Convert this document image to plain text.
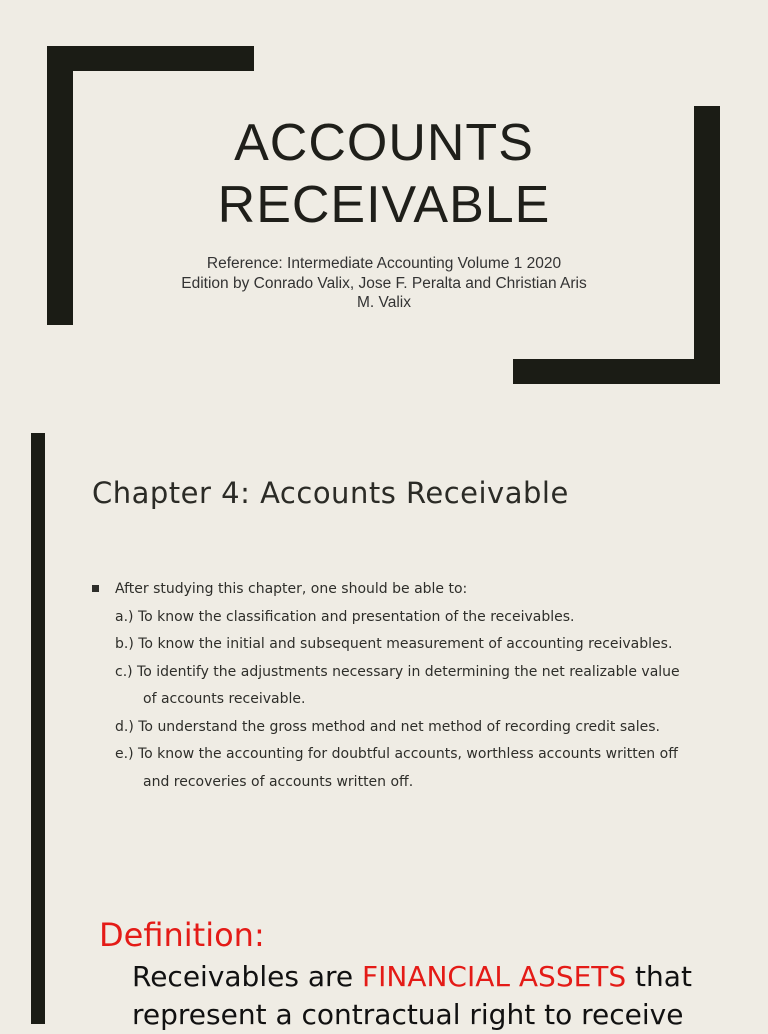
ACCOUNTS
RECEIVABLE
Reference: Intermediate Accounting Volume 1 2020
Edition by Conrado Valix, Jose F. Peralta and Christian Aris
M. Valix
Chapter 4: Accounts Receivable
After studying this chapter, one should be able to:
a.) To know the classification and presentation of the receivables.
b.) To know the initial and subsequent measurement of accounting receivables.
c.) To identify the adjustments necessary in determining the net realizable value
of accounts receivable.
d.) To understand the gross method and net method of recording credit sales.
e.) To know the accounting for doubtful accounts, worthless accounts written off
and recoveries of accounts written off.
Definition:
Receivables are FINANCIAL ASSETS that
represent a contractual right to receive
